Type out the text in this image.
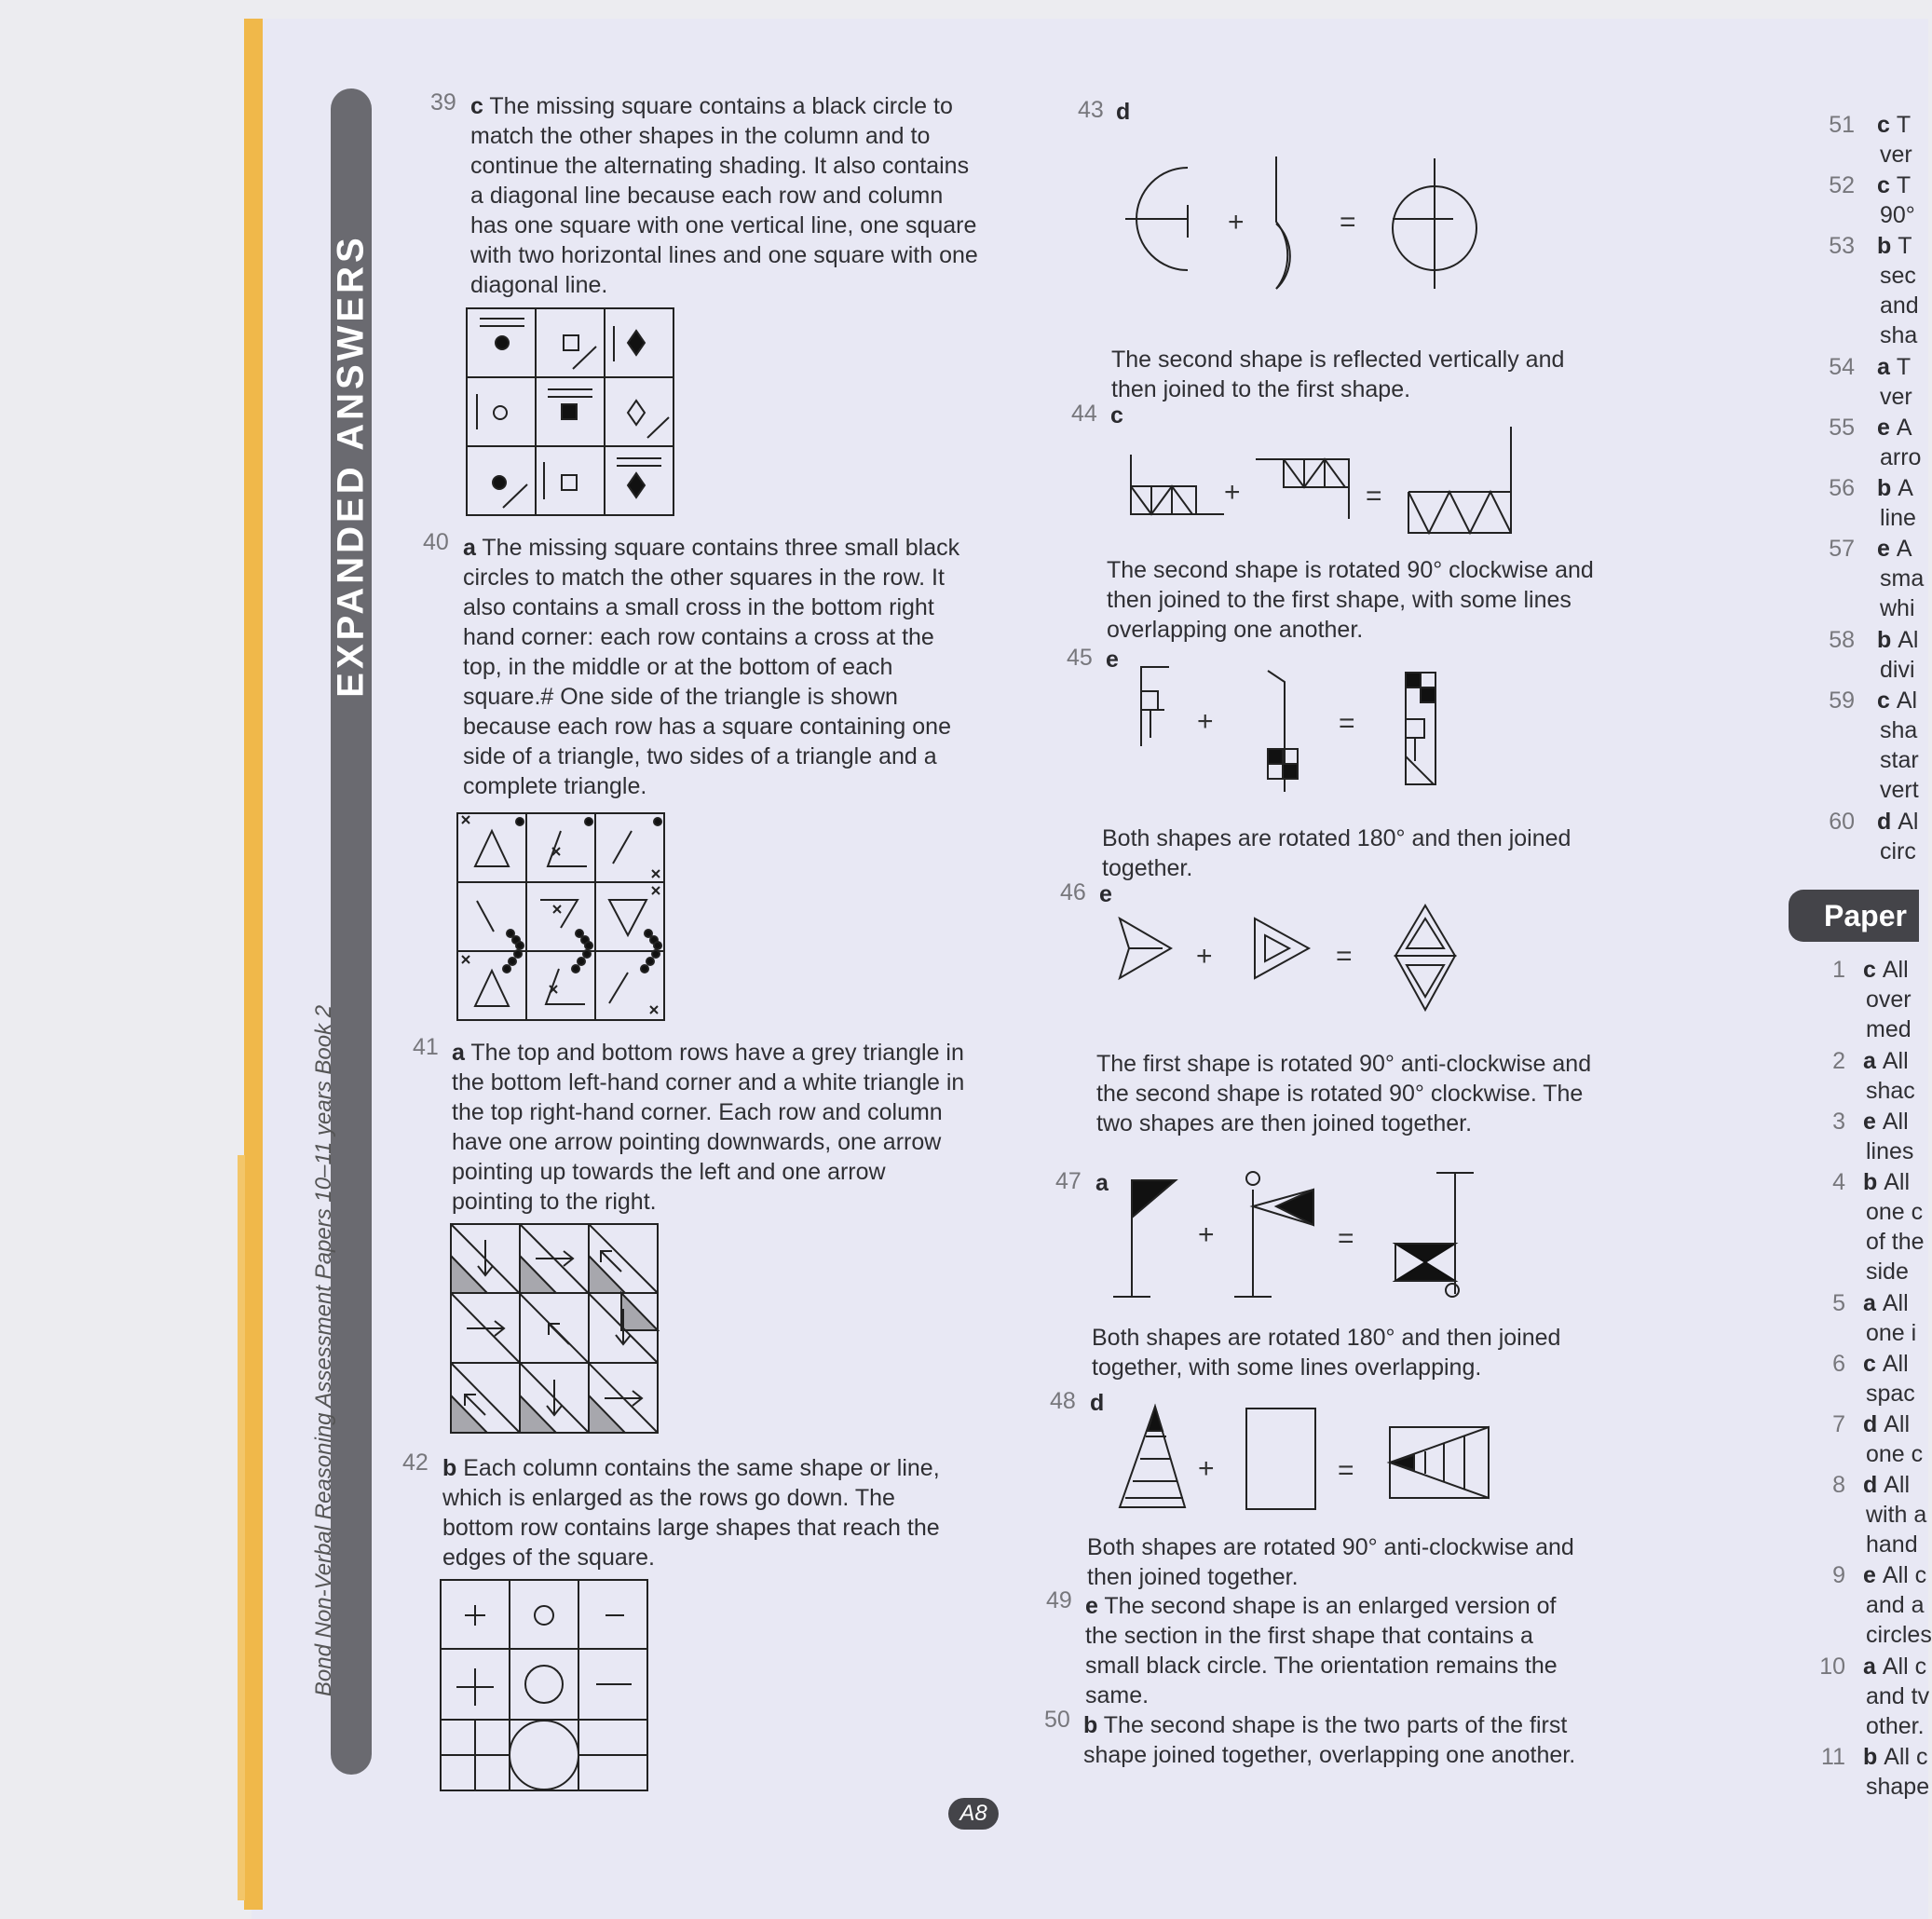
EXPANDED ANSWERS
Bond Non-Verbal Reasoning Assessment Papers 10–11 years Book 2
39 c The missing square contains a black circle to match the other shapes in the column and to continue the alternating shading. It also contains a diagonal line because each row and column has one square with one vertical line, one square with two horizontal lines and one square with one diagonal line.
40 a The missing square contains three small black circles to match the other squares in the row. It also contains a small cross in the bottom right hand corner: each row contains a cross at the top, in the middle or at the bottom of each square.# One side of the triangle is shown because each row has a square containing one side of a triangle, two sides of a triangle and a complete triangle.
41 a The top and bottom rows have a grey triangle in the bottom left-hand corner and a white triangle in the top right-hand corner. Each row and column have one arrow pointing downwards, one arrow pointing up towards the left and one arrow pointing to the right.
42 b Each column contains the same shape or line, which is enlarged as the rows go down. The bottom row contains large shapes that reach the edges of the square.
43 d
+	=
The second shape is reflected vertically and then joined to the first shape.
44 c
+	=
The second shape is rotated 90° clockwise and then joined to the first shape, with some lines overlapping one another.
45 e
+	=
Both shapes are rotated 180° and then joined together.
46 e
+	=
The first shape is rotated 90° anti-clockwise and the second shape is rotated 90° clockwise. The two shapes are then joined together.
47 a
+	=
Both shapes are rotated 180° and then joined together, with some lines overlapping.
48 d
+	=
Both shapes are rotated 90° anti-clockwise and then joined together.
49 e The second shape is an enlarged version of the section in the first shape that contains a small black circle. The orientation remains the same.
50 b The second shape is the two parts of the first shape joined together, overlapping one another.
A8
Paper
51 c T
ver
52 c T
90°
53 b T
sec
and
sha
54 a T
ver
55 e A
arro
56 b A
line
57 e A
sma
whi
58 b Al
divi
59 c Al
sha
star
vert
60 d Al
circ
1 c All
over
med
2 a All
shac
3 e All
lines
4 b All
one c
of the
side
5 a All
one i
6 c All
spac
7 d All
one c
8 d All
with a
hand
9 e All c
and a
circles
10 a All c
and tv
other.
11 b All c
shape
